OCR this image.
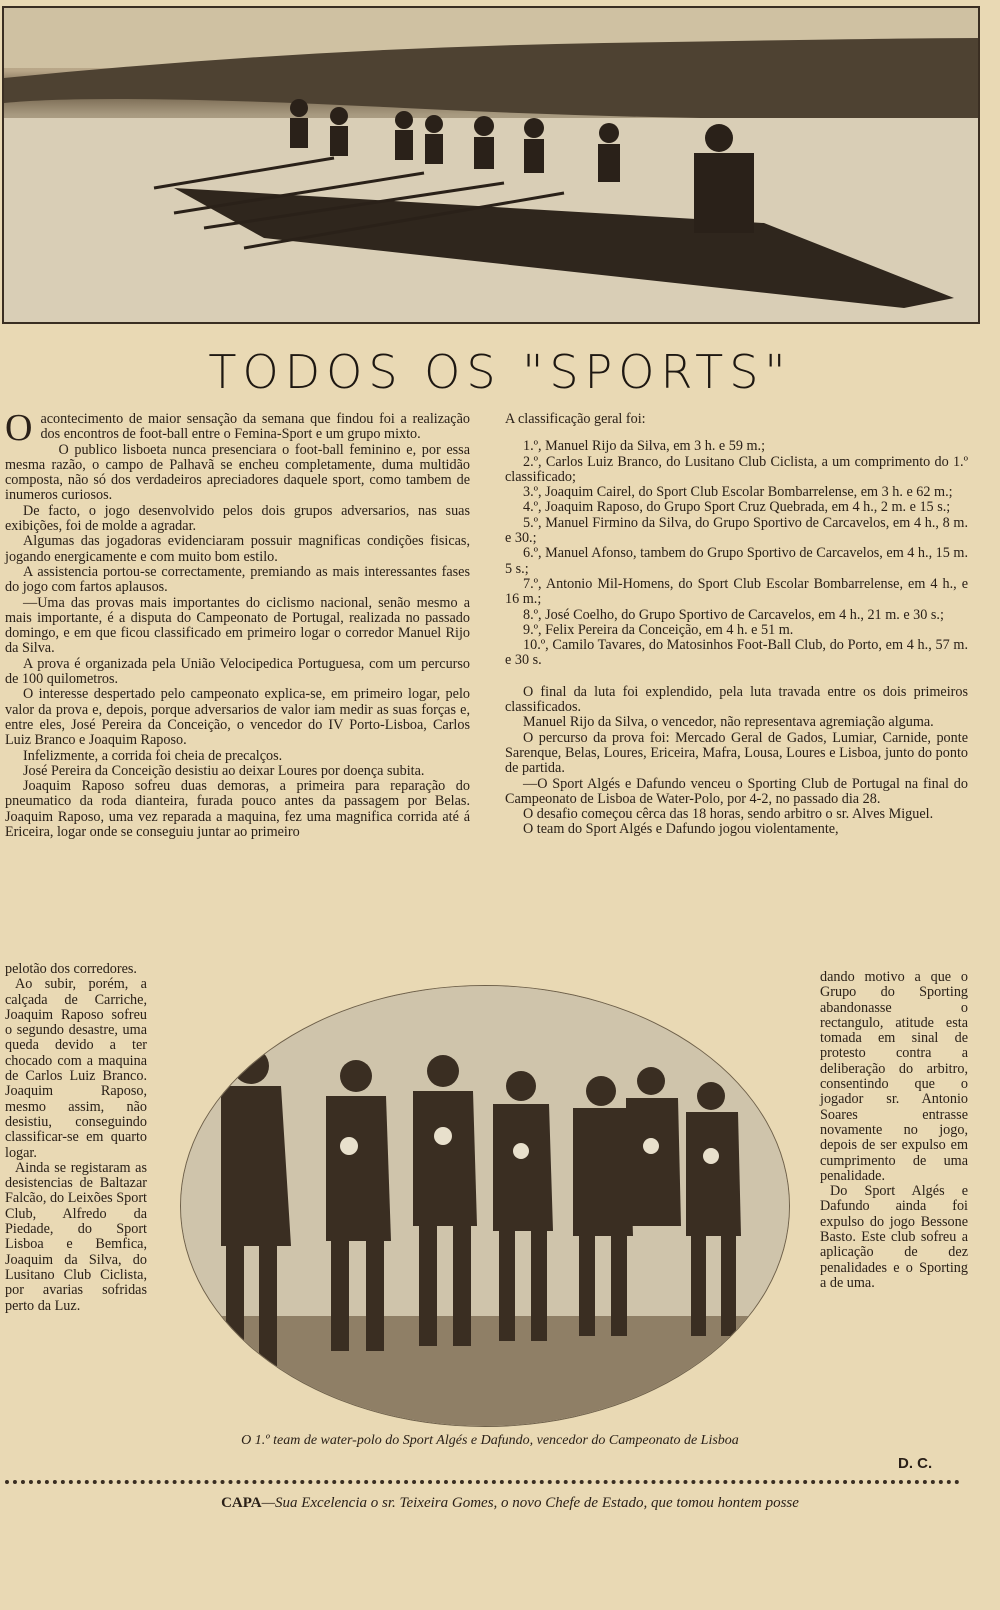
TODOS OS "SPORTS"

Oacontecimento de maior sensação da semana que findou foi a realização dos encontros de foot-ball entre o Femina-Sport e um grupo mixto.

O publico lisboeta nunca presenciara o foot-ball feminino e, por essa mesma razão, o campo de Palhavã se encheu completamente, duma multidão composta, não só dos verdadeiros apreciadores daquele sport, como tambem de inumeros curiosos.

De facto, o jogo desenvolvido pelos dois grupos adversarios, nas suas exibições, foi de molde a agradar.

Algumas das jogadoras evidenciaram possuir magnificas condições fisicas, jogando energicamente e com muito bom estilo.

A assistencia portou-se correctamente, premiando as mais interessantes fases do jogo com fartos aplausos.

—Uma das provas mais importantes do ciclismo nacional, senão mesmo a mais importante, é a disputa do Campeonato de Portugal, realizada no passado domingo, e em que ficou classificado em primeiro logar o corredor Manuel Rijo da Silva.

A prova é organizada pela União Velocipedica Portuguesa, com um percurso de 100 quilometros.

O interesse despertado pelo campeonato explica-se, em primeiro logar, pelo valor da prova e, depois, porque adversarios de valor iam medir as suas forças e, entre eles, José Pereira da Conceição, o vencedor do IV Porto-Lisboa, Carlos Luiz Branco e Joaquim Raposo.

Infelizmente, a corrida foi cheia de precalços.

José Pereira da Conceição desistiu ao deixar Loures por doença subita.

Joaquim Raposo sofreu duas demoras, a primeira para reparação do pneumatico da roda dianteira, furada pouco antes da passagem por Belas. Joaquim Raposo, uma vez reparada a maquina, fez uma magnifica corrida até á Ericeira, logar onde se conseguiu juntar ao primeiro

pelotão dos corredores.

Ao subir, porém, a calçada de Carriche, Joaquim Raposo sofreu o segundo desastre, uma queda devido a ter chocado com a maquina de Carlos Luiz Branco. Joaquim Raposo, mesmo assim, não desistiu, conseguindo classificar-se em quarto logar.

Ainda se registaram as desistencias de Baltazar Falcão, do Leixões Sport Club, Alfredo da Piedade, do Sport Lisboa e Bemfica, Joaquim da Silva, do Lusitano Club Ciclista, por avarias sofridas perto da Luz.

A classificação geral foi:

1.º, Manuel Rijo da Silva, em 3 h. e 59 m.;

2.º, Carlos Luiz Branco, do Lusitano Club Ciclista, a um comprimento do 1.º classificado;

3.º, Joaquim Cairel, do Sport Club Escolar Bombarrelense, em 3 h. e 62 m.;

4.º, Joaquim Raposo, do Grupo Sport Cruz Quebrada, em 4 h., 2 m. e 15 s.;

5.º, Manuel Firmino da Silva, do Grupo Sportivo de Carcavelos, em 4 h., 8 m. e 30.;

6.º, Manuel Afonso, tambem do Grupo Sportivo de Carcavelos, em 4 h., 15 m. 5 s.;

7.º, Antonio Mil-Homens, do Sport Club Escolar Bombarrelense, em 4 h., e 16 m.;

8.º, José Coelho, do Grupo Sportivo de Carcavelos, em 4 h., 21 m. e 30 s.;

9.º, Felix Pereira da Conceição, em 4 h. e 51 m.

10.º, Camilo Tavares, do Matosinhos Foot-Ball Club, do Porto, em 4 h., 57 m. e 30 s.

O final da luta foi explendido, pela luta travada entre os dois primeiros classificados.

Manuel Rijo da Silva, o vencedor, não representava agremiação alguma.

O percurso da prova foi: Mercado Geral de Gados, Lumiar, Carnide, ponte Sarenque, Belas, Loures, Ericeira, Mafra, Lousa, Loures e Lisboa, junto do ponto de partida.

—O Sport Algés e Dafundo venceu o Sporting Club de Portugal na final do Campeonato de Lisboa de Water-Polo, por 4-2, no passado dia 28.

O desafio começou cêrca das 18 horas, sendo arbitro o sr. Alves Miguel.

O team do Sport Algés e Dafundo jogou violentamente,

dando motivo a que o Grupo do Sporting abandonasse o rectangulo, atitude esta tomada em sinal de protesto contra a deliberação do arbitro, consentindo que o jogador sr. Antonio Soares entrasse novamente no jogo, depois de ser expulso em cumprimento de uma penalidade.

Do Sport Algés e Dafundo ainda foi expulso do jogo Bessone Basto. Este club sofreu a aplicação de dez penalidades e o Sporting a de uma.

O 1.º team de water-polo do Sport Algés e Dafundo, vencedor do Campeonato de Lisboa
D. C.
CAPA—Sua Excelencia o sr. Teixeira Gomes, o novo Chefe de Estado, que tomou hontem posse
